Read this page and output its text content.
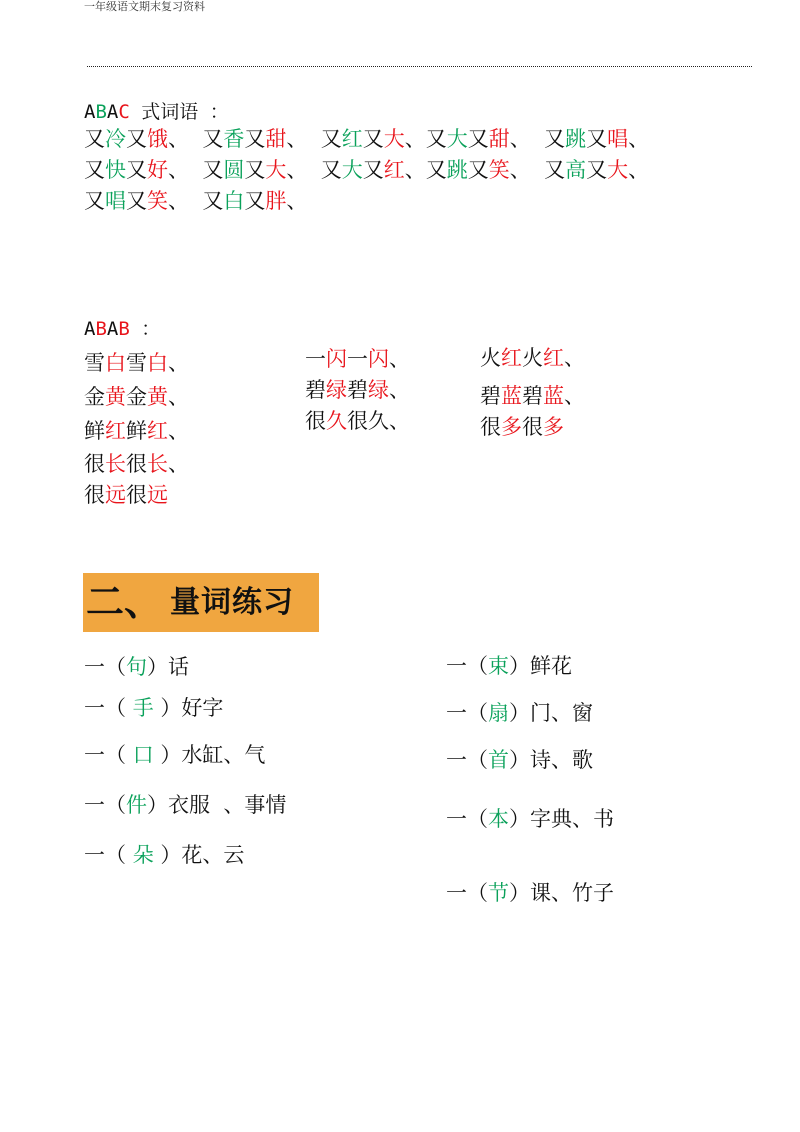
一年级语文期末复习资料
ABAC 式词语 ：
又冷又饿、  又香又甜、  又红又大、又大又甜、  又跳又唱、
又快又好、  又圆又大、  又大又红、又跳又笑、  又高又大、
又唱又笑、  又白又胖、
ABAB ：
雪白雪白、
金黄金黄、
鲜红鲜红、
很长很长、
很远很远
一闪一闪、
碧绿碧绿、
很久很久、
火红火红、
碧蓝碧蓝、
很多很多
二、 量词练习
一（句）话
一（ 手 ）好字
一（ 口 ）水缸、气
一（件）衣服  、事情
一（ 朵 ）花、云
一（束）鲜花
一（扇）门、窗
一（首）诗、歌
一（本）字典、书
一（节）课、竹子
